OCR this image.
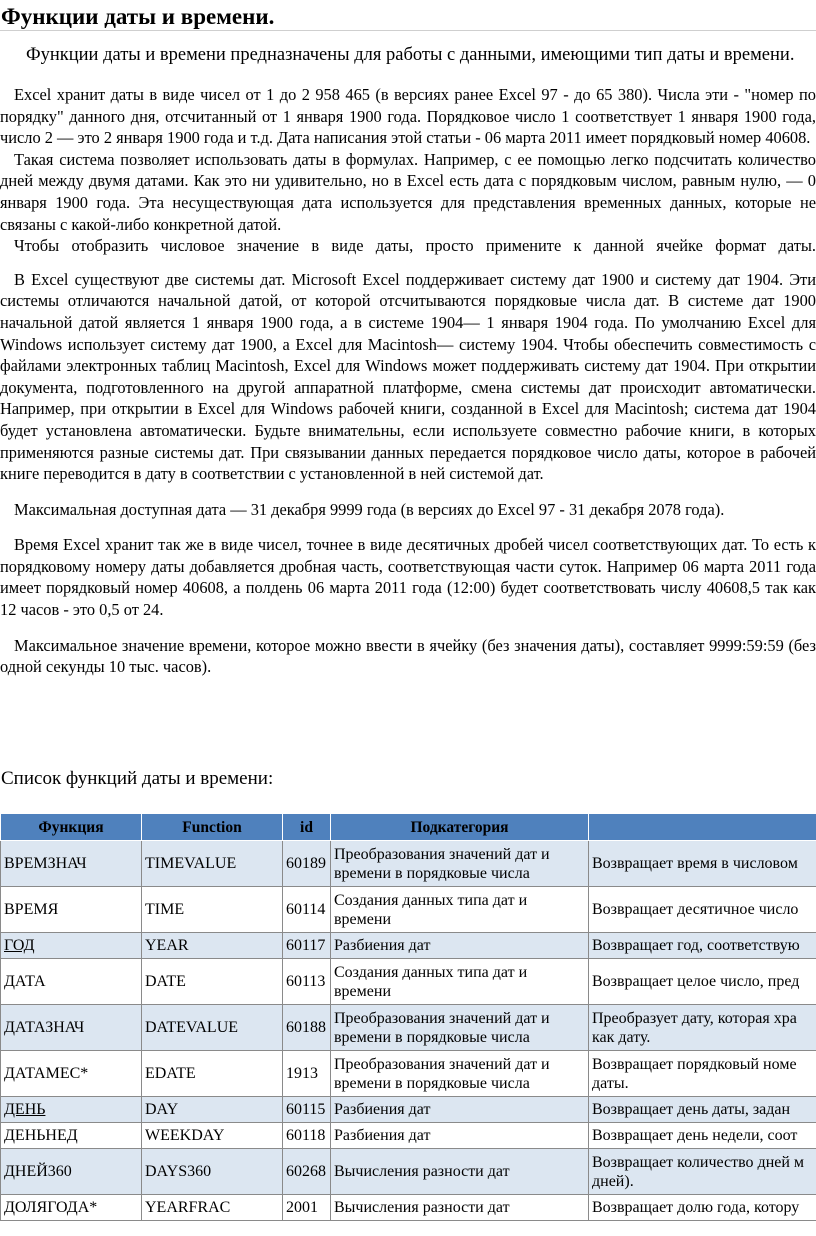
Функции даты и времени.

Функции даты и времени предназначены для работы с данными, имеющими тип даты и времени.

Excel хранит даты в виде чисел от 1 до 2 958 465 (в версиях ранее Excel 97 - до 65 380). Числа эти - "номер по порядку" данного дня, отсчитанный от 1 января 1900 года. Порядковое число 1 соответствует 1 января 1900 года, число 2 — это 2 января 1900 года и т.д. Дата написания этой статьи - 06 марта 2011 имеет порядковый номер 40608.

Такая система позволяет использовать даты в формулах. Например, с ее помощью легко подсчитать количество дней между двумя датами. Как это ни удивительно, но в Excel есть дата с порядковым числом, равным нулю, — 0 января 1900 года. Эта несуществующая дата используется для представления временных данных, которые не связаны с какой-либо конкретной датой.

Чтобы отобразить числовое значение в виде даты, просто примените к данной ячейке формат даты.

В Excel существуют две системы дат. Microsoft Excel поддерживает систему дат 1900 и систему дат 1904. Эти системы отличаются начальной датой, от которой отсчитываются порядковые числа дат. В системе дат 1900 начальной датой является 1 января 1900 года, а в системе 1904— 1 января 1904 года. По умолчанию Excel для Windows использует систему дат 1900, а Excel для Macintosh— систему 1904. Чтобы обеспечить совместимость с файлами электронных таблиц Macintosh, Excel для Windows может поддерживать систему дат 1904. При открытии документа, подготовленного на другой аппаратной платформе, смена системы дат происходит автоматически. Например, при открытии в Excel для Windows рабочей книги, созданной в Excel для Macintosh; система дат 1904 будет установлена автоматически. Будьте внимательны, если используете совместно рабочие книги, в которых применяются разные системы дат. При связывании данных передается порядковое число даты, которое в рабочей книге переводится в дату в соответствии с установленной в ней системой дат.

Максимальная доступная дата — 31 декабря 9999 года (в версиях до Excel 97 - 31 декабря 2078 года).

Время Excel хранит так же в виде чисел, точнее в виде десятичных дробей чисел соответствующих дат. То есть к порядковому номеру даты добавляется дробная часть, соответствующая части суток. Например 06 марта 2011 года имеет порядковый номер 40608, а полдень 06 марта 2011 года (12:00) будет соответствовать числу 40608,5 так как 12 часов - это 0,5 от 24.

Максимальное значение времени, которое можно ввести в ячейку (без значения даты), составляет 9999:59:59 (без одной секунды 10 тыс. часов).

Список функций даты и времени:
Функция	Function	id	Подкатегория	
ВРЕМЗНАЧ	TIMEVALUE	60189	Преобразования значений дат и времени в порядковые числа	Возвращает время в числовом
ВРЕМЯ	TIME	60114	Создания данных типа дат и времени	Возвращает десятичное число
ГОД	YEAR	60117	Разбиения дат	Возвращает год, соответствую
ДАТА	DATE	60113	Создания данных типа дат и времени	Возвращает целое число, пред
ДАТАЗНАЧ	DATEVALUE	60188	Преобразования значений дат и времени в порядковые числа	Преобразует дату, которая хра как дату.

ДАТАМЕС*	EDATE	1913	Преобразования значений дат и времени в порядковые числа	Возвращает порядковый номе даты.

ДЕНЬ	DAY	60115	Разбиения дат	Возвращает день даты, задан
ДЕНЬНЕД	WEEKDAY	60118	Разбиения дат	Возвращает день недели, соот
ДНЕЙ360	DAYS360	60268	Вычисления разности дат	Возвращает количество дней м дней).

ДОЛЯГОДА*	YEARFRAC	2001	Вычисления разности дат	Возвращает долю года, котору
